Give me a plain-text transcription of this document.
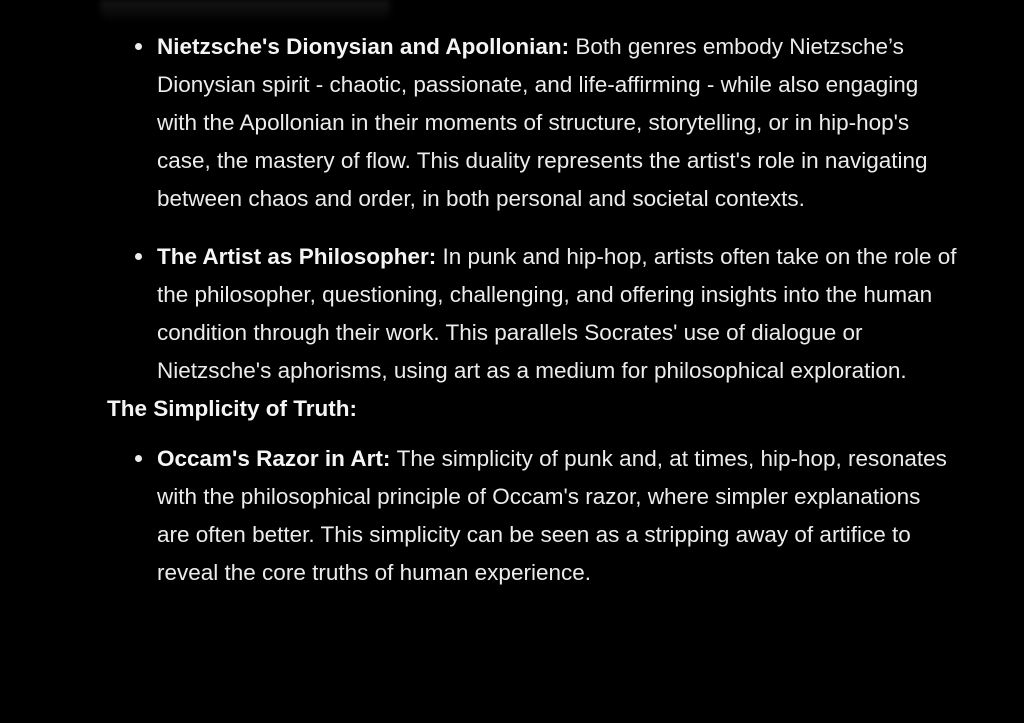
Nietzsche's Dionysian and Apollonian: Both genres embody Nietzsche’s Dionysian spirit - chaotic, passionate, and life-affirming - while also engaging with the Apollonian in their moments of structure, storytelling, or in hip-hop's case, the mastery of flow. This duality represents the artist's role in navigating between chaos and order, in both personal and societal contexts.
The Artist as Philosopher: In punk and hip-hop, artists often take on the role of the philosopher, questioning, challenging, and offering insights into the human condition through their work. This parallels Socrates' use of dialogue or Nietzsche's aphorisms, using art as a medium for philosophical exploration.
The Simplicity of Truth:
Occam's Razor in Art: The simplicity of punk and, at times, hip-hop, resonates with the philosophical principle of Occam's razor, where simpler explanations are often better. This simplicity can be seen as a stripping away of artifice to reveal the core truths of human experience.
